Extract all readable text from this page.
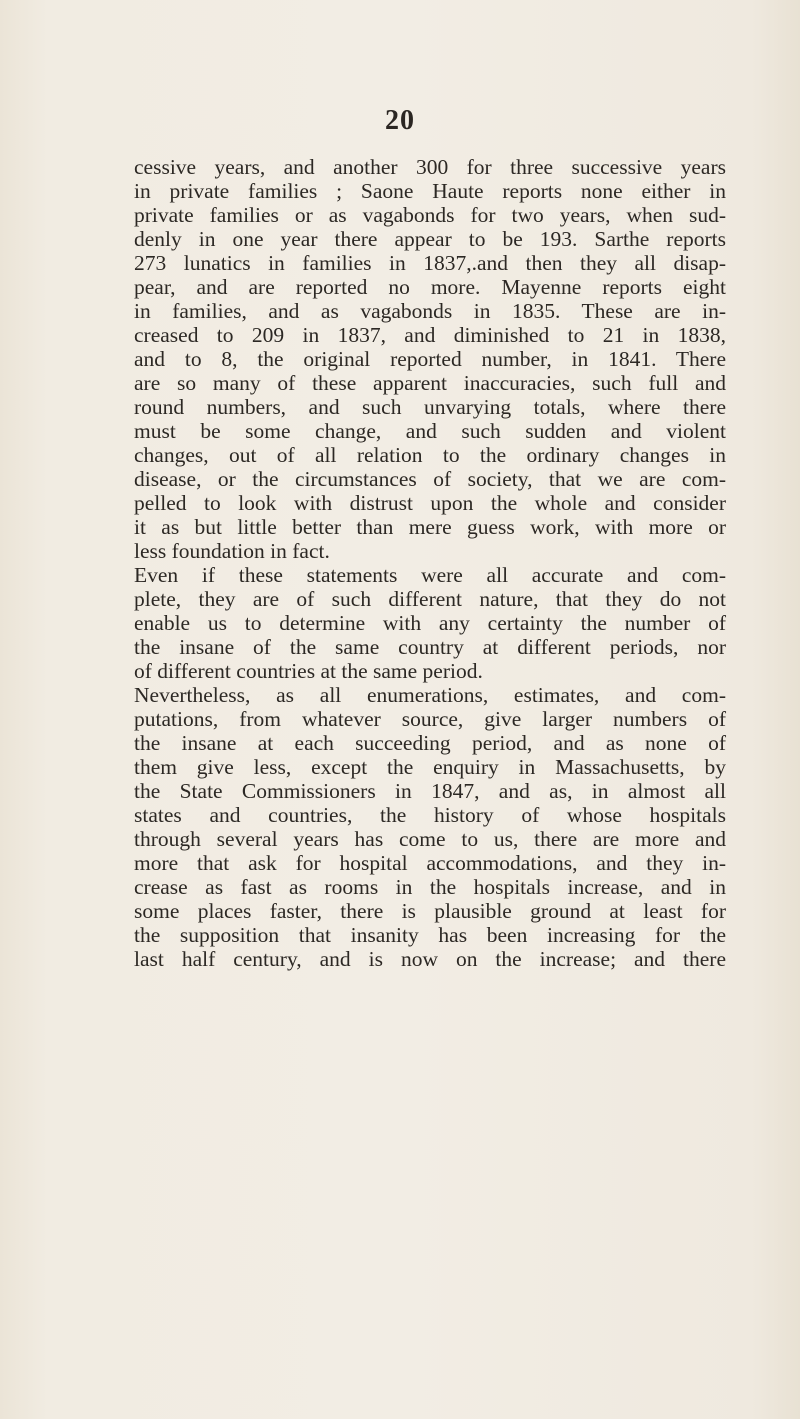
20
cessive years, and another 300 for three successive years
in private families ; Saone Haute reports none either in
private families or as vagabonds for two years, when sud-
denly in one year there appear to be 193. Sarthe reports
273 lunatics in families in 1837,.and then they all disap-
pear, and are reported no more. Mayenne reports eight
in families, and as vagabonds in 1835. These are in-
creased to 209 in 1837, and diminished to 21 in 1838,
and to 8, the original reported number, in 1841. There
are so many of these apparent inaccuracies, such full and
round numbers, and such unvarying totals, where there
must be some change, and such sudden and violent
changes, out of all relation to the ordinary changes in
disease, or the circumstances of society, that we are com-
pelled to look with distrust upon the whole and consider
it as but little better than mere guess work, with more or
less foundation in fact.
Even if these statements were all accurate and com-
plete, they are of such different nature, that they do not
enable us to determine with any certainty the number of
the insane of the same country at different periods, nor
of different countries at the same period.
Nevertheless, as all enumerations, estimates, and com-
putations, from whatever source, give larger numbers of
the insane at each succeeding period, and as none of
them give less, except the enquiry in Massachusetts, by
the State Commissioners in 1847, and as, in almost all
states and countries, the history of whose hospitals
through several years has come to us, there are more and
more that ask for hospital accommodations, and they in-
crease as fast as rooms in the hospitals increase, and in
some places faster, there is plausible ground at least for
the supposition that insanity has been increasing for the
last half century, and is now on the increase; and there
